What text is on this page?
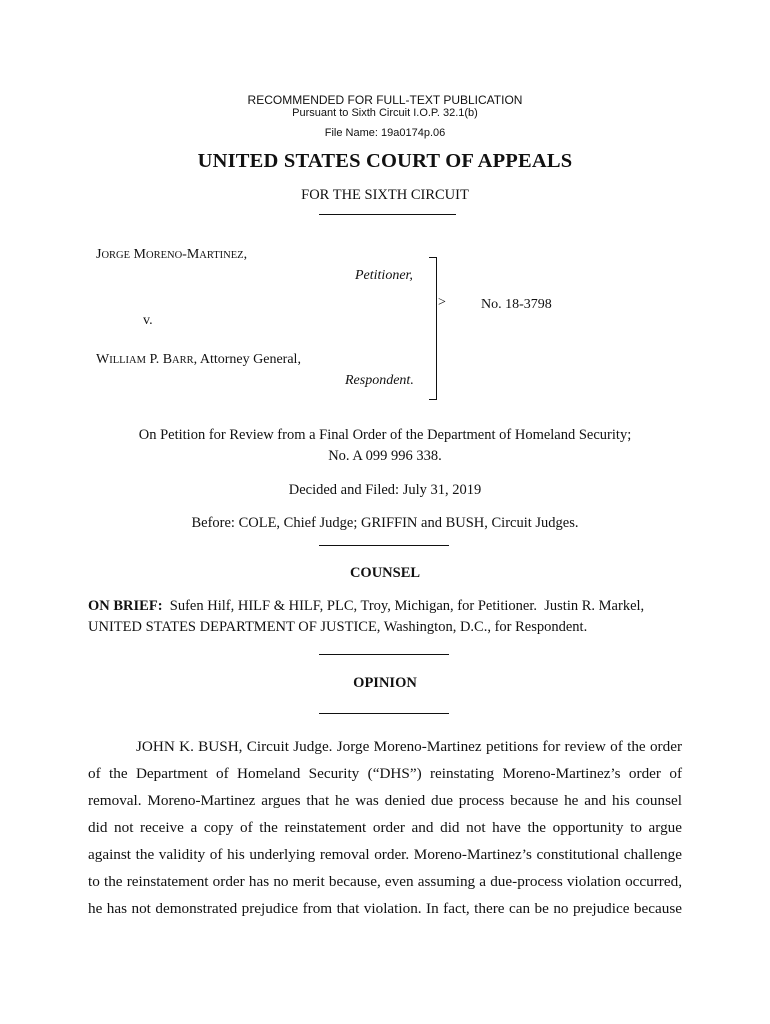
RECOMMENDED FOR FULL-TEXT PUBLICATION
Pursuant to Sixth Circuit I.O.P. 32.1(b)
File Name: 19a0174p.06
UNITED STATES COURT OF APPEALS
FOR THE SIXTH CIRCUIT
JORGE MORENO-MARTINEZ,
Petitioner,
v.
WILLIAM P. BARR, Attorney General,
Respondent.
>	No. 18-3798
On Petition for Review from a Final Order of the Department of Homeland Security;
No. A 099 996 338.
Decided and Filed: July 31, 2019
Before: COLE, Chief Judge; GRIFFIN and BUSH, Circuit Judges.
COUNSEL
ON BRIEF:  Sufen Hilf, HILF & HILF, PLC, Troy, Michigan, for Petitioner.  Justin R. Markel,
UNITED STATES DEPARTMENT OF JUSTICE, Washington, D.C., for Respondent.
OPINION
JOHN K. BUSH, Circuit Judge. Jorge Moreno-Martinez petitions for review of the order
of the Department of Homeland Security (“DHS”) reinstating Moreno-Martinez’s order of
removal. Moreno-Martinez argues that he was denied due process because he and his counsel
did not receive a copy of the reinstatement order and did not have the opportunity to argue
against the validity of his underlying removal order. Moreno-Martinez’s constitutional challenge
to the reinstatement order has no merit because, even assuming a due-process violation occurred,
he has not demonstrated prejudice from that violation. In fact, there can be no prejudice because
